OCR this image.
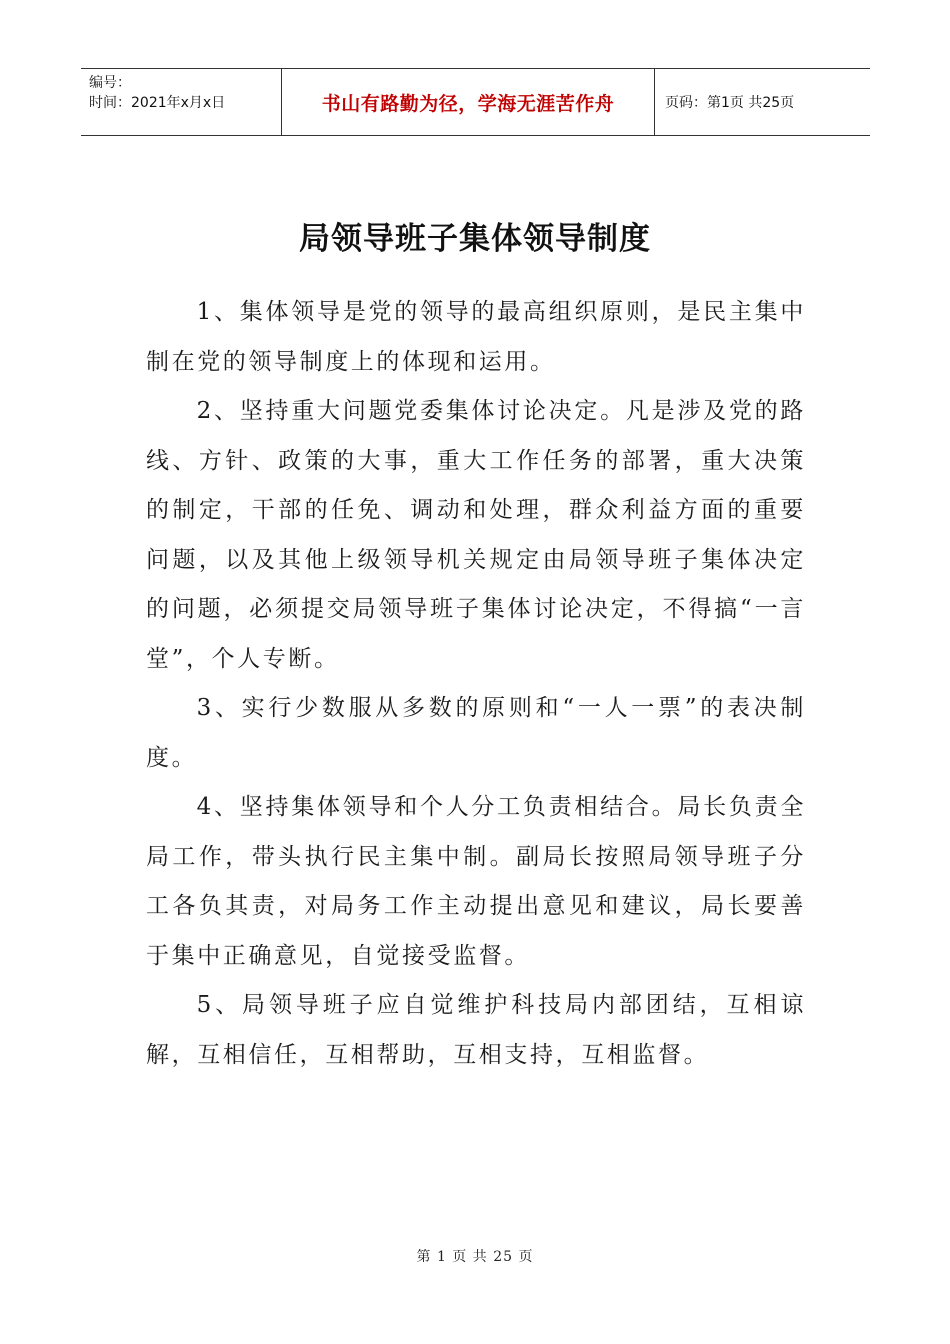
编号：
时间：2021年x月x日	书山有路勤为径，学海无涯苦作舟	页码：第1页 共25页
局领导班子集体领导制度

1、集体领导是党的领导的最高组织原则，是民主集中制在党的领导制度上的体现和运用。

2、坚持重大问题党委集体讨论决定。凡是涉及党的路线、方针、政策的大事，重大工作任务的部署，重大决策的制定，干部的任免、调动和处理，群众利益方面的重要问题，以及其他上级领导机关规定由局领导班子集体决定的问题，必须提交局领导班子集体讨论决定，不得搞“一言堂”，个人专断。

3、实行少数服从多数的原则和“一人一票”的表决制度。

4、坚持集体领导和个人分工负责相结合。局长负责全局工作，带头执行民主集中制。副局长按照局领导班子分工各负其责，对局务工作主动提出意见和建议，局长要善于集中正确意见，自觉接受监督。

5、局领导班子应自觉维护科技局内部团结，互相谅解，互相信任，互相帮助，互相支持，互相监督。

第 1 页 共 25 页
